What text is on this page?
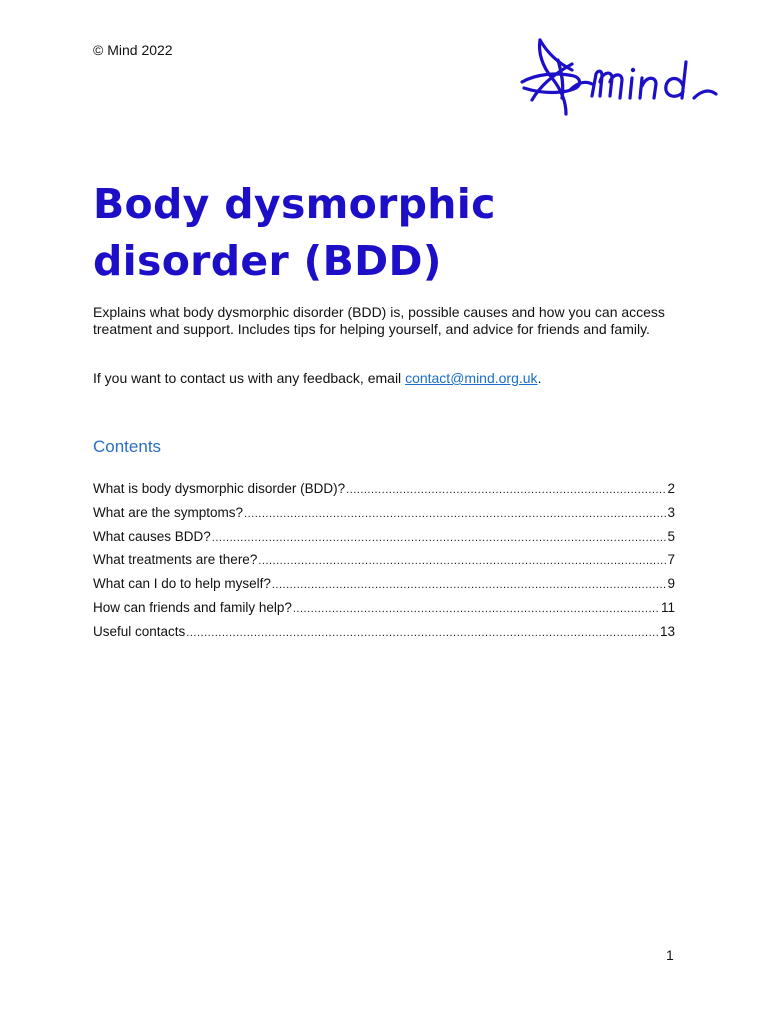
© Mind 2022
Body dysmorphic
disorder (BDD)

Explains what body dysmorphic disorder (BDD) is, possible causes and how you can access treatment and support. Includes tips for helping yourself, and advice for friends and family.

If you want to contact us with any feedback, email contact@mind.org.uk.

Contents
What is body dysmorphic disorder (BDD)? .....	2
What are the symptoms? .....	3
What causes BDD? .....	5
What treatments are there? .....	7
What can I do to help myself? .....	9
How can friends and family help? .....	11
Useful contacts .....	13
1
